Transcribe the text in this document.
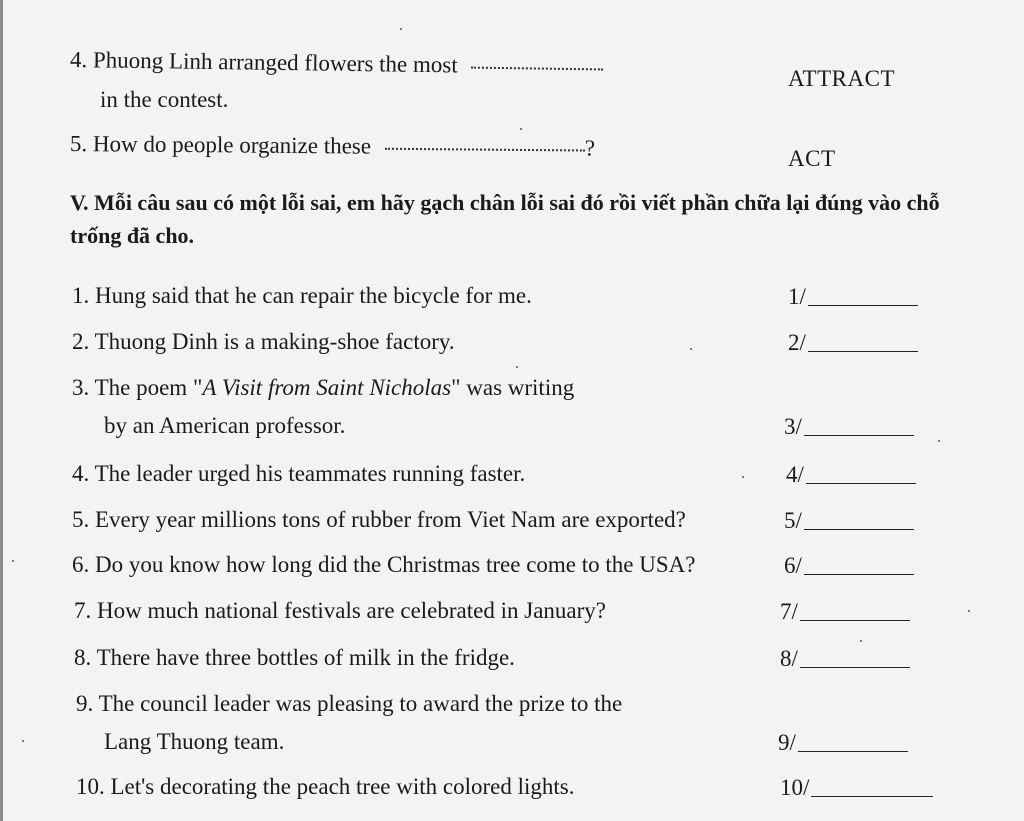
4. Phuong Linh arranged flowers the most
in the contest.
ATTRACT
5. How do people organize these	?	ACT
V. Mỗi câu sau có một lỗi sai, em hãy gạch chân lỗi sai đó rồi viết phần chữa lại đúng vào chỗ trống đã cho.
1. Hung said that he can repair the bicycle for me.	1/
2. Thuong Dinh is a making-shoe factory.	2/
3. The poem "A Visit from Saint Nicholas" was writing
by an American professor.	3/
4. The leader urged his teammates running faster.	4/
5. Every year millions tons of rubber from Viet Nam are exported?	5/
6. Do you know how long did the Christmas tree come to the USA?	6/
7. How much national festivals are celebrated in January?	7/
8. There have three bottles of milk in the fridge.	8/
9. The council leader was pleasing to award the prize to the
Lang Thuong team.	9/
10. Let's decorating the peach tree with colored lights.	10/
